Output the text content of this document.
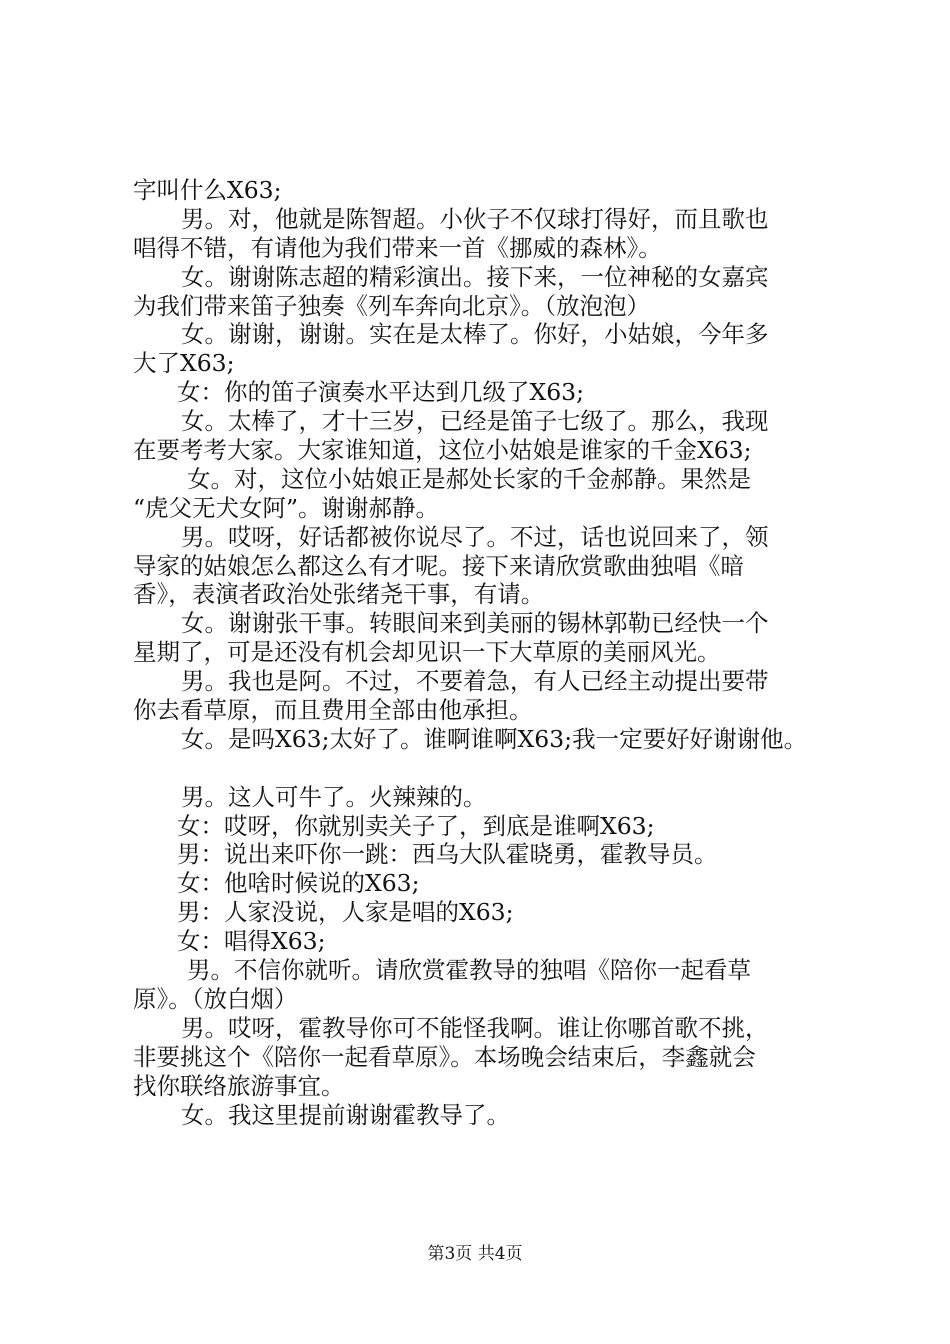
字叫什么X63;
男。对，他就是陈智超。小伙子不仅球打得好，而且歌也
唱得不错，有请他为我们带来一首《挪威的森林》。
女。谢谢陈志超的精彩演出。接下来，一位神秘的女嘉宾
为我们带来笛子独奏《列车奔向北京》。（放泡泡）
女。谢谢，谢谢。实在是太棒了。你好，小姑娘，今年多
大了X63;
女：你的笛子演奏水平达到几级了X63;
女。太棒了，才十三岁，已经是笛子七级了。那么，我现
在要考考大家。大家谁知道，这位小姑娘是谁家的千金X63;
女。对，这位小姑娘正是郝处长家的千金郝静。果然是
“虎父无犬女阿”。谢谢郝静。
男。哎呀，好话都被你说尽了。不过，话也说回来了，领
导家的姑娘怎么都这么有才呢。接下来请欣赏歌曲独唱《暗
香》，表演者政治处张绪尧干事，有请。
女。谢谢张干事。转眼间来到美丽的锡林郭勒已经快一个
星期了，可是还没有机会却见识一下大草原的美丽风光。
男。我也是阿。不过，不要着急，有人已经主动提出要带
你去看草原，而且费用全部由他承担。
女。是吗X63;太好了。谁啊谁啊X63;我一定要好好谢谢他。
男。这人可牛了。火辣辣的。
女：哎呀，你就别卖关子了，到底是谁啊X63;
男：说出来吓你一跳：西乌大队霍晓勇，霍教导员。
女：他啥时候说的X63;
男：人家没说，人家是唱的X63;
女：唱得X63;
男。不信你就听。请欣赏霍教导的独唱《陪你一起看草
原》。（放白烟）
男。哎呀，霍教导你可不能怪我啊。谁让你哪首歌不挑，
非要挑这个《陪你一起看草原》。本场晚会结束后，李鑫就会
找你联络旅游事宜。
女。我这里提前谢谢霍教导了。
第3页 共4页
